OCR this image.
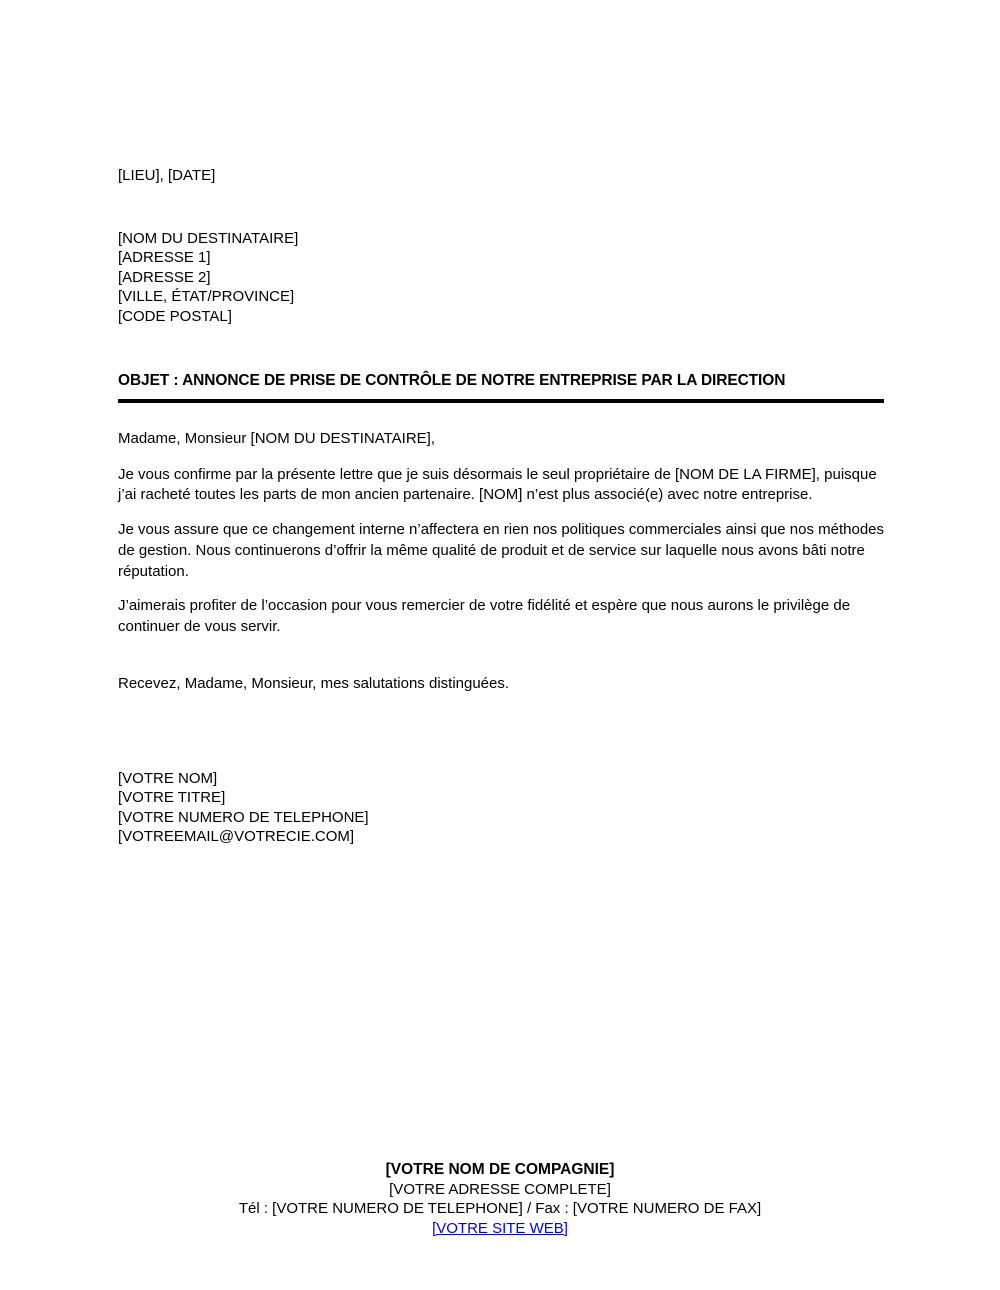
[LIEU], [DATE]

[NOM DU DESTINATAIRE]
[ADRESSE 1]
[ADRESSE 2]
[VILLE, ÉTAT/PROVINCE]
[CODE POSTAL]
OBJET : ANNONCE DE PRISE DE CONTRÔLE DE NOTRE ENTREPRISE PAR LA DIRECTION

Madame, Monsieur [NOM DU DESTINATAIRE],

Je vous confirme par la présente lettre que je suis désormais le seul propriétaire de [NOM DE LA FIRME], puisque j’ai racheté toutes les parts de mon ancien partenaire. [NOM] n’est plus associé(e) avec notre entreprise.

Je vous assure que ce changement interne n’affectera en rien nos politiques commerciales ainsi que nos méthodes de gestion. Nous continuerons d’offrir la même qualité de produit et de service sur laquelle nous avons bâti notre réputation.

J’aimerais profiter de l’occasion pour vous remercier de votre fidélité et espère que nous aurons le privilège de continuer de vous servir.

Recevez, Madame, Monsieur, mes salutations distinguées.

[VOTRE NOM]
[VOTRE TITRE]
[VOTRE NUMERO DE TELEPHONE]
[VOTREEMAIL@VOTRECIE.COM]
[VOTRE NOM DE COMPAGNIE]
[VOTRE ADRESSE COMPLETE]
Tél : [VOTRE NUMERO DE TELEPHONE] / Fax : [VOTRE NUMERO DE FAX]
[VOTRE SITE WEB]
